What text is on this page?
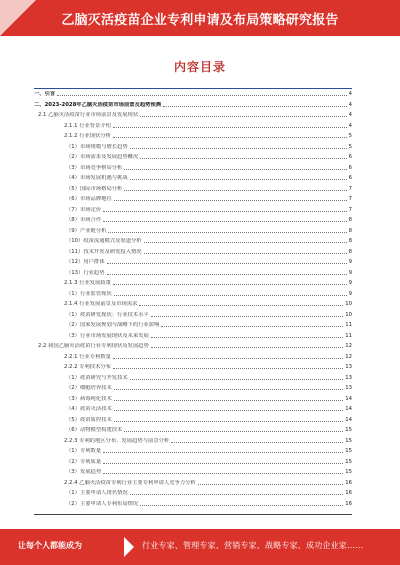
乙脑灭活疫苗企业专利申请及布局策略研究报告
内容目录
一、引言	4
二、2023-2028年乙脑灭活疫苗市场前景及趋势预测	4
2.1 乙脑灭活疫苗行业市场前景及发展现状	4
2.1.1 行业背景介绍	4
2.1.2 行业现状分析	5
（1）市场规模与增长趋势	5
（2）市场需求及发展趋势概况	6
（3）市场竞争格局分析	6
（4）市场发展机遇与挑战	6
（5）国际市场格局分析	7
（6）市场品牌地位	7
（7）市场定价	7
（8）市场合作	8
（9）产业链分析	8
（10）疫苗流通模式及渠道分析	8
（11）技术开发及研发投入情况	8
（12）用户群体	9
（13）行业趋势	9
2.1.3 行业发展政策	9
（1）行业监管现状	9
2.1.4 行业发展前景及市场需求	10
（1）疫苗研发现状：行业技术水平	10
（2）国家发展规划与战略下的行业影响	11
（3）行业市场发展现状及未来发展	11
2.2 我国乙脑灭活疫苗行业专利现状及发展趋势	12
2.2.1 行业专利数量	12
2.2.2 专利技术分布	13
（1）疫苗研究与开发技术	13
（2）细胞培养技术	13
（3）病毒纯化技术	14
（4）疫苗灭活技术	14
（5）疫苗质控技术	14
（6）动物模型构建技术	15
2.2.3 专利的地区分布、发展趋势与前景分析	15
（1）专利数量	15
（2）专利质量	15
（3）发展趋势	15
2.2.4 乙脑灭活疫苗专利行业主要专利申请人竞争力分析	16
（1）主要申请人排名情况	16
（2）主要申请人专利布局情况	16
让每个人都能成为	行业专家、管理专家、营销专家、战略专家、成功企业家……
